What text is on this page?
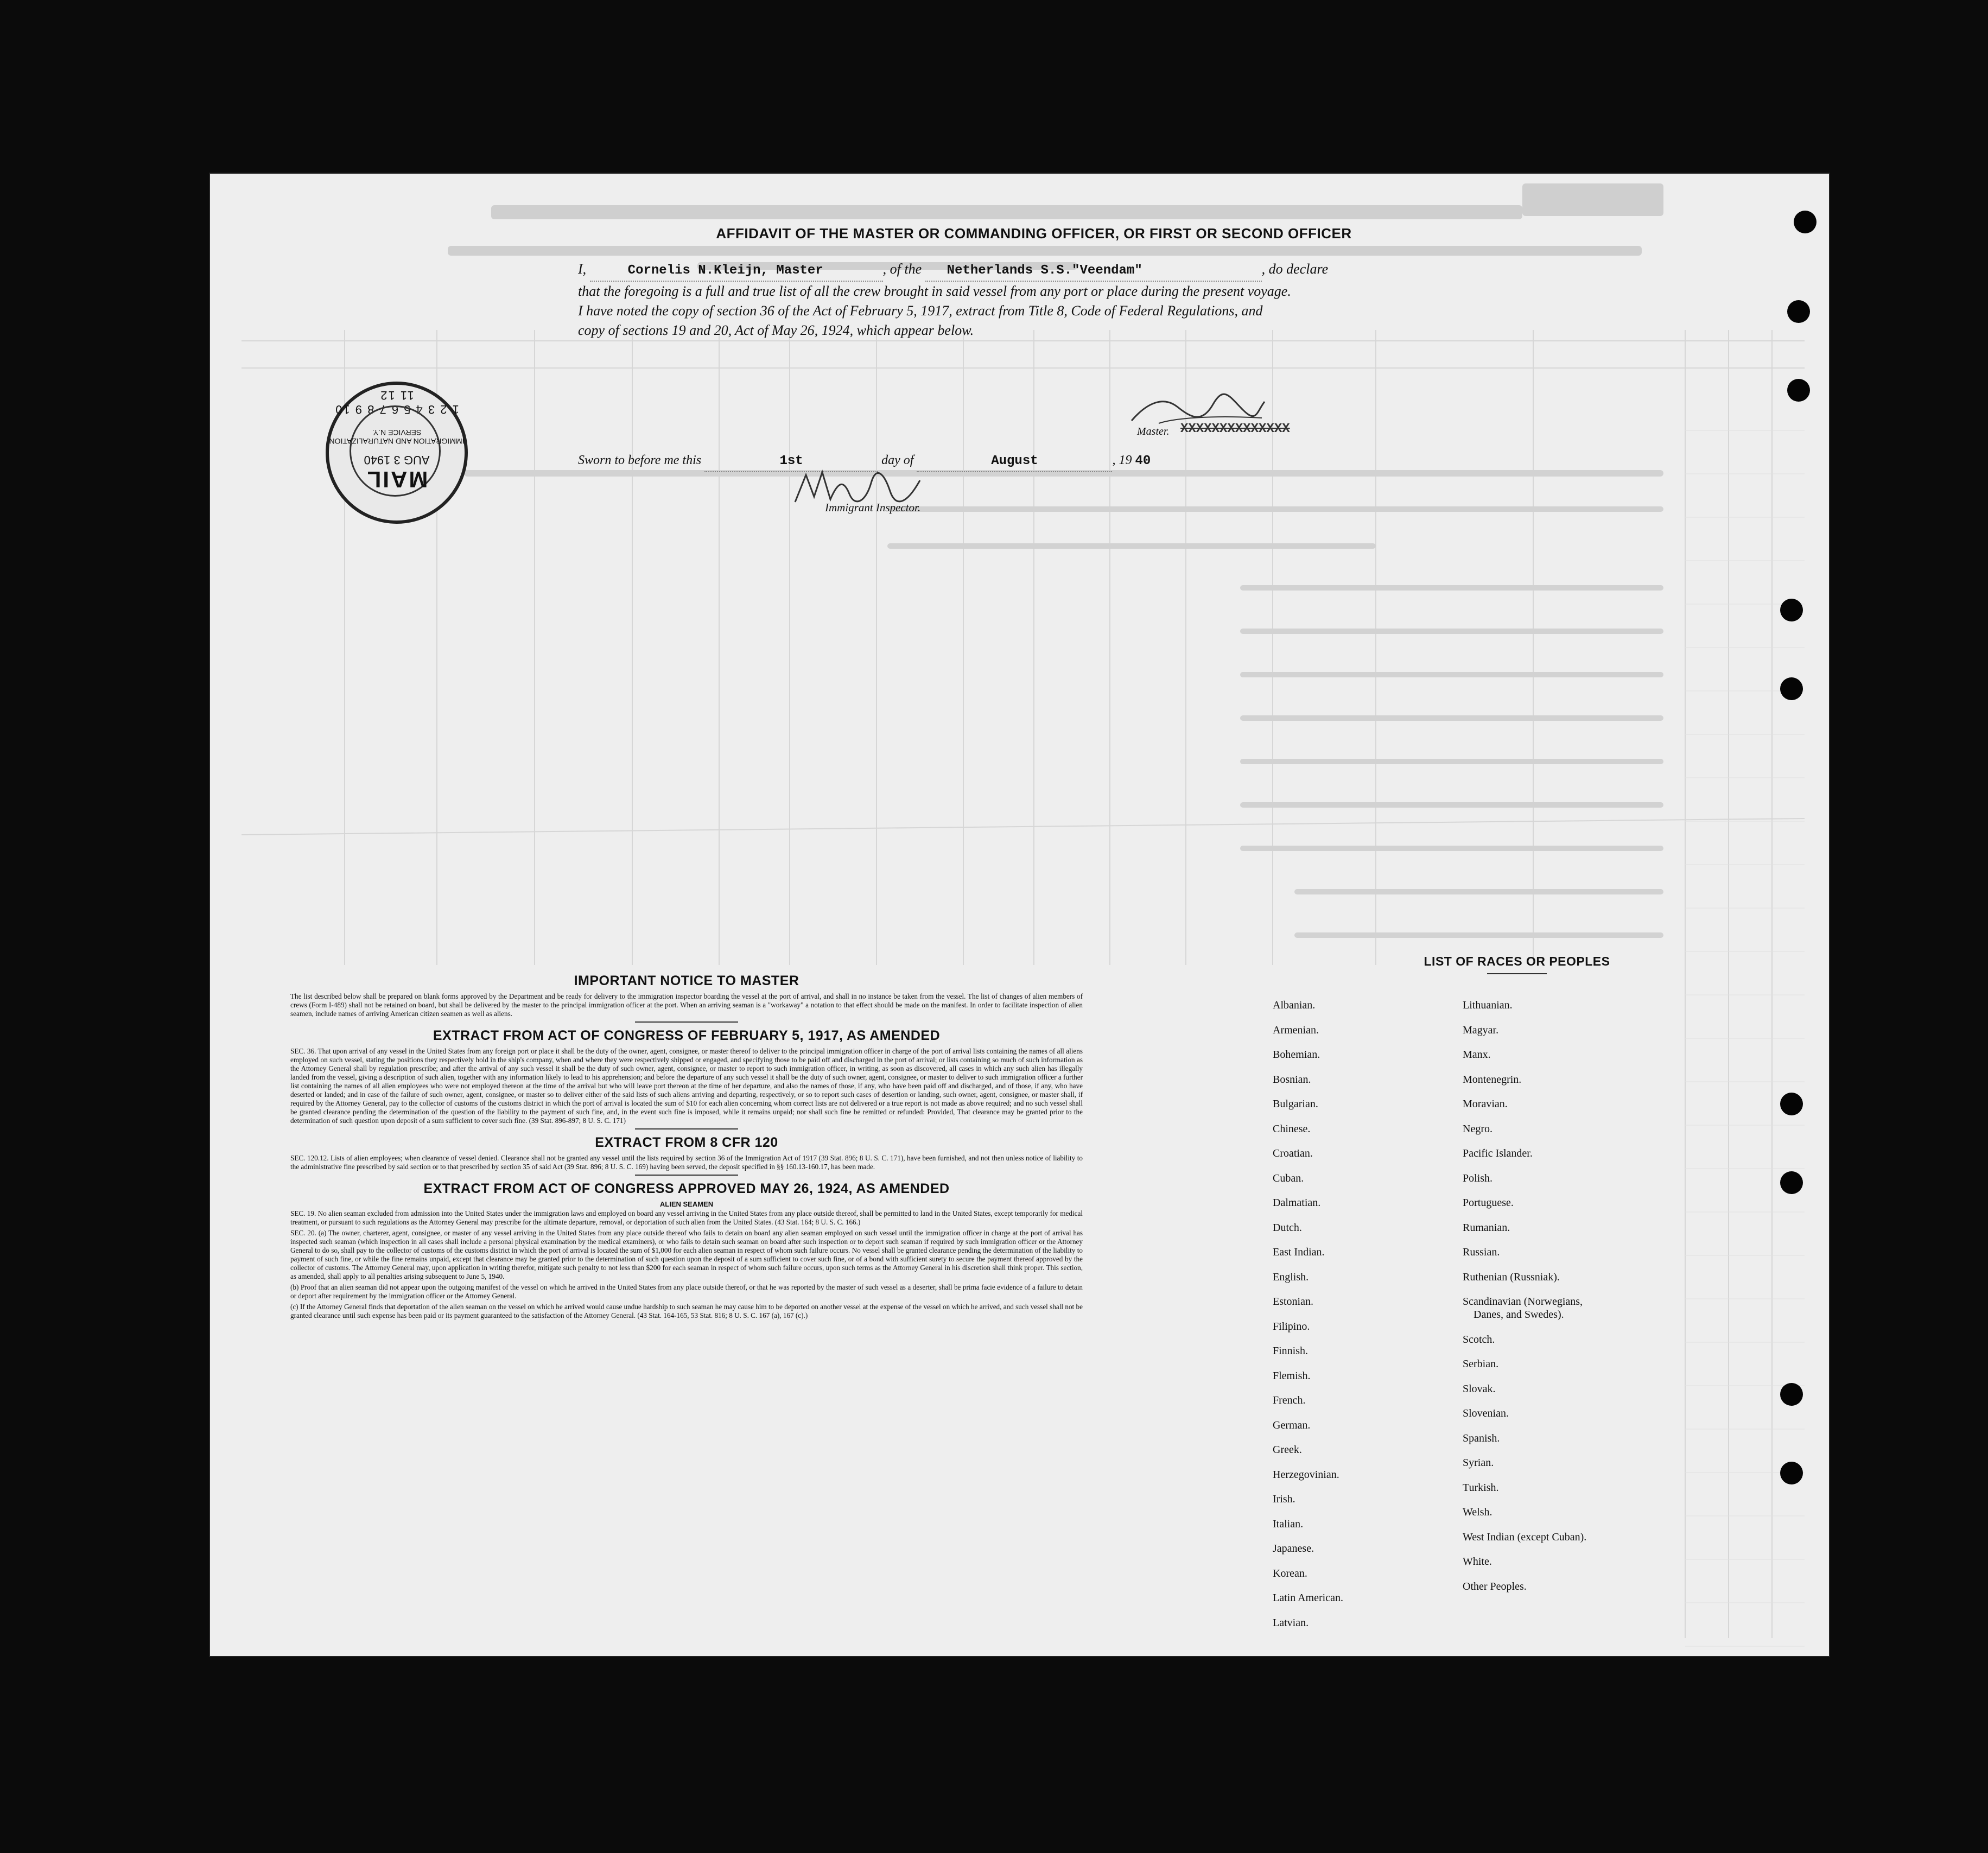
AFFIDAVIT OF THE MASTER OR COMMANDING OFFICER, OR FIRST OR SECOND OFFICER
I,	Cornelis N.Kleijn, Master	, of the Netherlands S.S."Veendam"	, do declare
that the foregoing is a full and true list of all the crew brought in said vessel from any port or place during the present voyage.
I have noted the copy of section 36 of the Act of February 5, 1917, extract from Title 8, Code of Federal Regulations, and
copy of sections 19 and 20, Act of May 26, 1924, which appear below.
Master. XXXXXXXXXXXXXX
Sworn to before me this	1st	day of	August	, 19 40
Immigrant Inspector.
1 2 3 4 5 6 7 8 9 10 11 12
IMMIGRATION AND NATURALIZATION SERVICE N.Y.
AUG 3 1940
MAIL
IMPORTANT NOTICE TO MASTER

The list described below shall be prepared on blank forms approved by the Department and be ready for delivery to the immigration inspector boarding the vessel at the port of arrival, and shall in no instance be taken from the vessel. The list of changes of alien members of crews (Form I-489) shall not be retained on board, but shall be delivered by the master to the principal immigration officer at the port. When an arriving seaman is a "workaway" a notation to that effect should be made on the manifest. In order to facilitate inspection of alien seamen, include names of arriving American citizen seamen as well as aliens.

EXTRACT FROM ACT OF CONGRESS OF FEBRUARY 5, 1917, AS AMENDED

SEC. 36. That upon arrival of any vessel in the United States from any foreign port or place it shall be the duty of the owner, agent, consignee, or master thereof to deliver to the principal immigration officer in charge of the port of arrival lists containing the names of all aliens employed on such vessel, stating the positions they respectively hold in the ship's company, when and where they were respectively shipped or engaged, and specifying those to be paid off and discharged in the port of arrival; or lists containing so much of such information as the Attorney General shall by regulation prescribe; and after the arrival of any such vessel it shall be the duty of such owner, agent, consignee, or master to report to such immigration officer, in writing, as soon as discovered, all cases in which any such alien has illegally landed from the vessel, giving a description of such alien, together with any information likely to lead to his apprehension; and before the departure of any such vessel it shall be the duty of such owner, agent, consignee, or master to deliver to such immigration officer a further list containing the names of all alien employees who were not employed thereon at the time of the arrival but who will leave port thereon at the time of her departure, and also the names of those, if any, who have been paid off and discharged, and of those, if any, who have deserted or landed; and in case of the failure of such owner, agent, consignee, or master so to deliver either of the said lists of such aliens arriving and departing, respectively, or so to report such cases of desertion or landing, such owner, agent, consignee, or master shall, if required by the Attorney General, pay to the collector of customs of the customs district in which the port of arrival is located the sum of $10 for each alien concerning whom correct lists are not delivered or a true report is not made as above required; and no such vessel shall be granted clearance pending the determination of the question of the liability to the payment of such fine, and, in the event such fine is imposed, while it remains unpaid; nor shall such fine be remitted or refunded: Provided, That clearance may be granted prior to the determination of such question upon deposit of a sum sufficient to cover such fine. (39 Stat. 896-897; 8 U. S. C. 171)

EXTRACT FROM 8 CFR 120

SEC. 120.12. Lists of alien employees; when clearance of vessel denied. Clearance shall not be granted any vessel until the lists required by section 36 of the Immigration Act of 1917 (39 Stat. 896; 8 U. S. C. 171), have been furnished, and not then unless notice of liability to the administrative fine prescribed by said section or to that prescribed by section 35 of said Act (39 Stat. 896; 8 U. S. C. 169) having been served, the deposit specified in §§ 160.13-160.17, has been made.

EXTRACT FROM ACT OF CONGRESS APPROVED MAY 26, 1924, AS AMENDED
ALIEN SEAMEN

SEC. 19. No alien seaman excluded from admission into the United States under the immigration laws and employed on board any vessel arriving in the United States from any place outside thereof, shall be permitted to land in the United States, except temporarily for medical treatment, or pursuant to such regulations as the Attorney General may prescribe for the ultimate departure, removal, or deportation of such alien from the United States. (43 Stat. 164; 8 U. S. C. 166.)

SEC. 20. (a) The owner, charterer, agent, consignee, or master of any vessel arriving in the United States from any place outside thereof who fails to detain on board any alien seaman employed on such vessel until the immigration officer in charge at the port of arrival has inspected such seaman (which inspection in all cases shall include a personal physical examination by the medical examiners), or who fails to detain such seaman on board after such inspection or to deport such seaman if required by such immigration officer or the Attorney General to do so, shall pay to the collector of customs of the customs district in which the port of arrival is located the sum of $1,000 for each alien seaman in respect of whom such failure occurs. No vessel shall be granted clearance pending the determination of the liability to payment of such fine, or while the fine remains unpaid, except that clearance may be granted prior to the determination of such question upon the deposit of a sum sufficient to cover such fine, or of a bond with sufficient surety to secure the payment thereof approved by the collector of customs. The Attorney General may, upon application in writing therefor, mitigate such penalty to not less than $200 for each seaman in respect of whom such failure occurs, upon such terms as the Attorney General in his discretion shall think proper. This section, as amended, shall apply to all penalties arising subsequent to June 5, 1940.

(b) Proof that an alien seaman did not appear upon the outgoing manifest of the vessel on which he arrived in the United States from any place outside thereof, or that he was reported by the master of such vessel as a deserter, shall be prima facie evidence of a failure to detain or deport after requirement by the immigration officer or the Attorney General.

(c) If the Attorney General finds that deportation of the alien seaman on the vessel on which he arrived would cause undue hardship to such seaman he may cause him to be deported on another vessel at the expense of the vessel on which he arrived, and such vessel shall not be granted clearance until such expense has been paid or its payment guaranteed to the satisfaction of the Attorney General. (43 Stat. 164-165, 53 Stat. 816; 8 U. S. C. 167 (a), 167 (c).)

LIST OF RACES OR PEOPLES
Albanian.
Armenian.
Bohemian.
Bosnian.
Bulgarian.
Chinese.
Croatian.
Cuban.
Dalmatian.
Dutch.
East Indian.
English.
Estonian.
Filipino.
Finnish.
Flemish.
French.
German.
Greek.
Herzegovinian.
Irish.
Italian.
Japanese.
Korean.
Latin American.
Latvian.
Lithuanian.
Magyar.
Manx.
Montenegrin.
Moravian.
Negro.
Pacific Islander.
Polish.
Portuguese.
Rumanian.
Russian.
Ruthenian (Russniak).
Scandinavian (Norwegians,
Danes, and Swedes).
Scotch.
Serbian.
Slovak.
Slovenian.
Spanish.
Syrian.
Turkish.
Welsh.
West Indian (except Cuban).
White.
Other Peoples.
